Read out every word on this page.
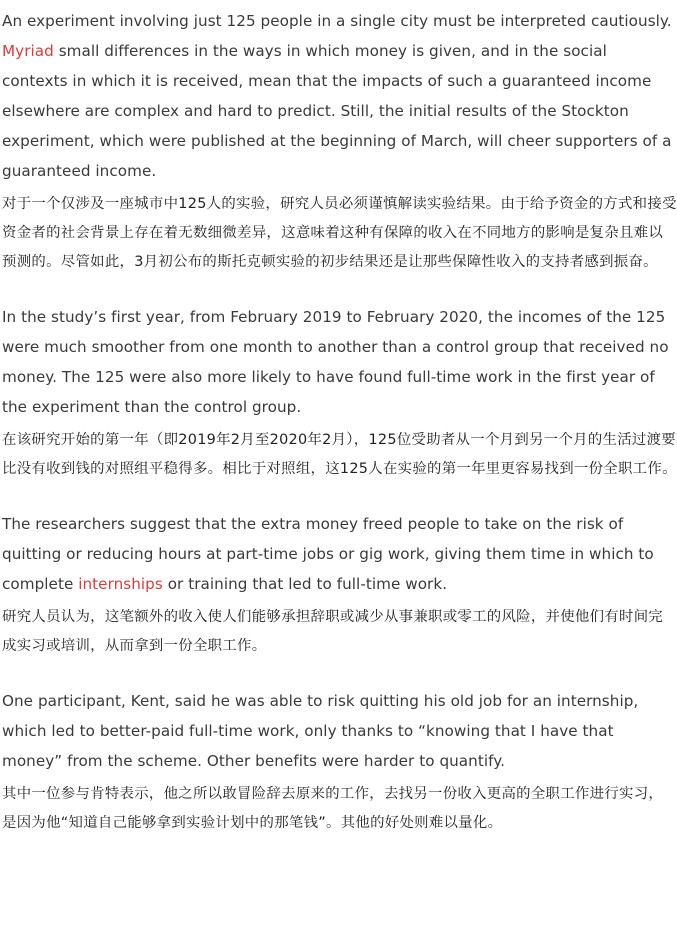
An experiment involving just 125 people in a single city must be interpreted cautiously. Myriad small differences in the ways in which money is given, and in the social contexts in which it is received, mean that the impacts of such a guaranteed income elsewhere are complex and hard to predict. Still, the initial results of the Stockton experiment, which were published at the beginning of March, will cheer supporters of a guaranteed income.

对于一个仅涉及一座城市中125人的实验，研究人员必须谨慎解读实验结果。由于给予资金的方式和接受资金者的社会背景上存在着无数细微差异，这意味着这种有保障的收入在不同地方的影响是复杂且难以预测的。尽管如此，3月初公布的斯托克顿实验的初步结果还是让那些保障性收入的支持者感到振奋。

In the study’s first year, from February 2019 to February 2020, the incomes of the 125 were much smoother from one month to another than a control group that received no money. The 125 were also more likely to have found full-time work in the first year of the experiment than the control group.

在该研究开始的第一年（即2019年2月至2020年2月），125位受助者从一个月到另一个月的生活过渡要比没有收到钱的对照组平稳得多。相比于对照组，这125人在实验的第一年里更容易找到一份全职工作。

The researchers suggest that the extra money freed people to take on the risk of quitting or reducing hours at part-time jobs or gig work, giving them time in which to complete internships or training that led to full-time work.

研究人员认为，这笔额外的收入使人们能够承担辞职或减少从事兼职或零工的风险，并使他们有时间完成实习或培训，从而拿到一份全职工作。

One participant, Kent, said he was able to risk quitting his old job for an internship, which led to better-paid full-time work, only thanks to “knowing that I have that money” from the scheme. Other benefits were harder to quantify.

其中一位参与肯特表示，他之所以敢冒险辞去原来的工作，去找另一份收入更高的全职工作进行实习，是因为他“知道自己能够拿到实验计划中的那笔钱”。其他的好处则难以量化。
